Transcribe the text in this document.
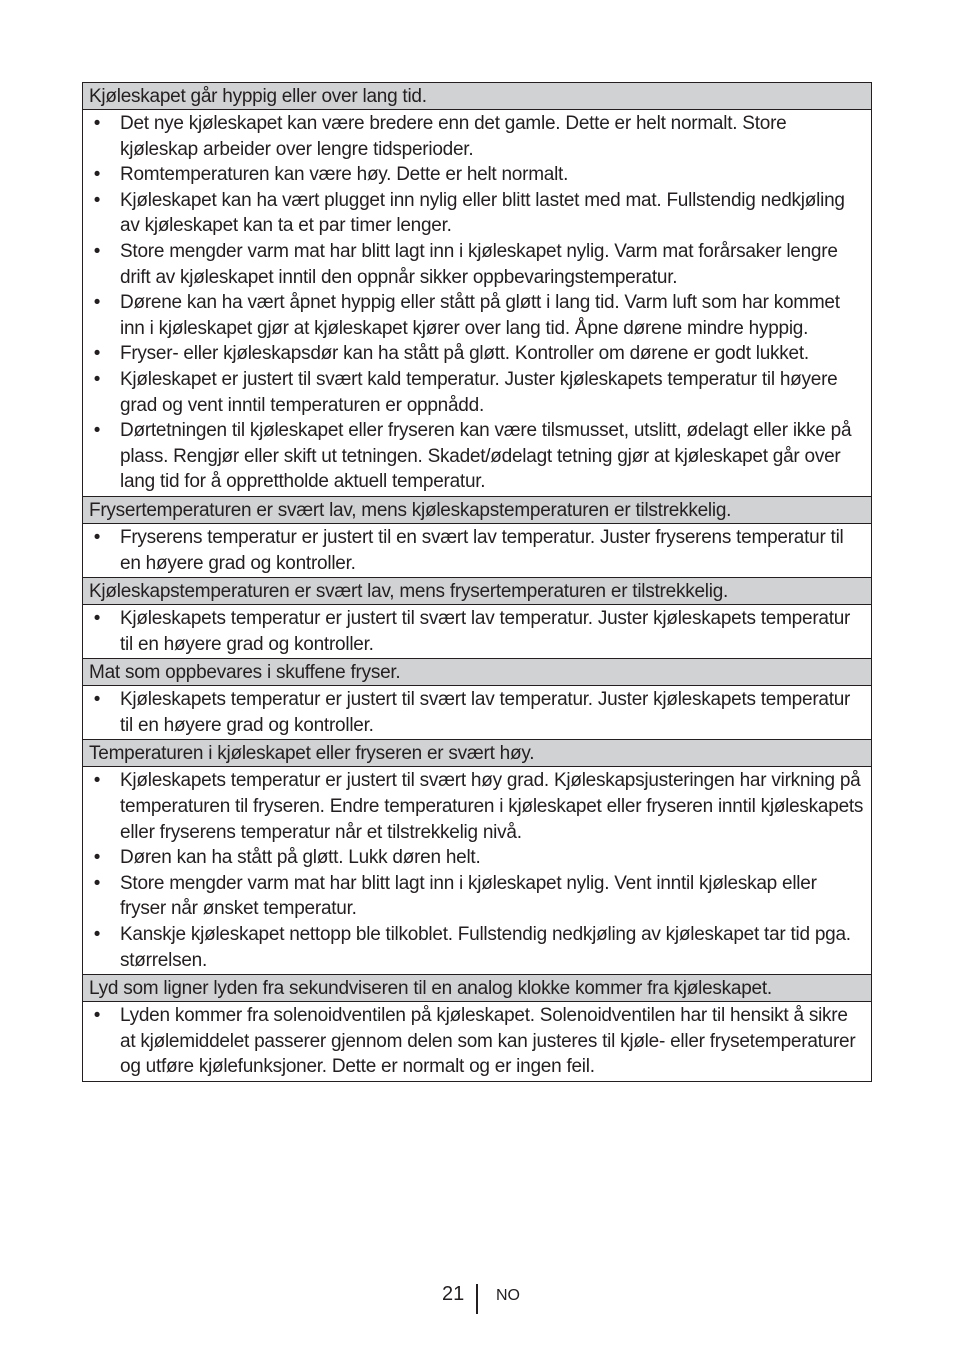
Kjøleskapet går hyppig eller over lang tid.
• Det nye kjøleskapet kan være bredere enn det gamle. Dette er helt normalt. Store kjøleskap arbeider over lengre tidsperioder.
• Romtemperaturen kan være høy. Dette er helt normalt.
• Kjøleskapet kan ha vært plugget inn nylig eller blitt lastet med mat. Fullstendig nedkjøling av kjøleskapet kan ta et par timer lenger.
• Store mengder varm mat har blitt lagt inn i kjøleskapet nylig. Varm mat forårsaker lengre drift av kjøleskapet inntil den oppnår sikker oppbevaringstemperatur.
• Dørene kan ha vært åpnet hyppig eller stått på gløtt i lang tid. Varm luft som har kommet inn i kjøleskapet gjør at kjøleskapet kjører over lang tid. Åpne dørene mindre hyppig.
• Fryser- eller kjøleskapsdør kan ha stått på gløtt. Kontroller om dørene er godt lukket.
• Kjøleskapet er justert til svært kald temperatur. Juster kjøleskapets temperatur til høyere grad og vent inntil temperaturen er oppnådd.
• Dørtetningen til kjøleskapet eller fryseren kan være tilsmusset, utslitt, ødelagt eller ikke på plass. Rengjør eller skift ut tetningen. Skadet/ødelagt tetning gjør at kjøleskapet går over lang tid for å opprettholde aktuell temperatur.
Frysertemperaturen er svært lav, mens kjøleskapstemperaturen er tilstrekkelig.
• Fryserens temperatur er justert til en svært lav temperatur. Juster fryserens temperatur til en høyere grad og kontroller.
Kjøleskapstemperaturen er svært lav, mens frysertemperaturen er tilstrekkelig.
• Kjøleskapets temperatur er justert til svært lav temperatur. Juster kjøleskapets temperatur til en høyere grad og kontroller.
Mat som oppbevares i skuffene fryser.
• Kjøleskapets temperatur er justert til svært lav temperatur. Juster kjøleskapets temperatur til en høyere grad og kontroller.
Temperaturen i kjøleskapet eller fryseren er svært høy.
• Kjøleskapets temperatur er justert til svært høy grad. Kjøleskapsjusteringen har virkning på temperaturen til fryseren. Endre temperaturen i kjøleskapet eller fryseren inntil kjøleskapets eller fryserens temperatur når et tilstrekkelig nivå.
• Døren kan ha stått på gløtt. Lukk døren helt.
• Store mengder varm mat har blitt lagt inn i kjøleskapet nylig. Vent inntil kjøleskap eller fryser når ønsket temperatur.
• Kanskje kjøleskapet nettopp ble tilkoblet. Fullstendig nedkjøling av kjøleskapet tar tid pga. størrelsen.
Lyd som ligner lyden fra sekundviseren til en analog klokke kommer fra kjøleskapet.
• Lyden kommer fra solenoidventilen på kjøleskapet. Solenoidventilen har til hensikt å sikre at kjølemiddelet passerer gjennom delen som kan justeres til kjøle- eller frysetemperaturer og utføre kjølefunksjoner. Dette er normalt og er ingen feil.
21 NO
